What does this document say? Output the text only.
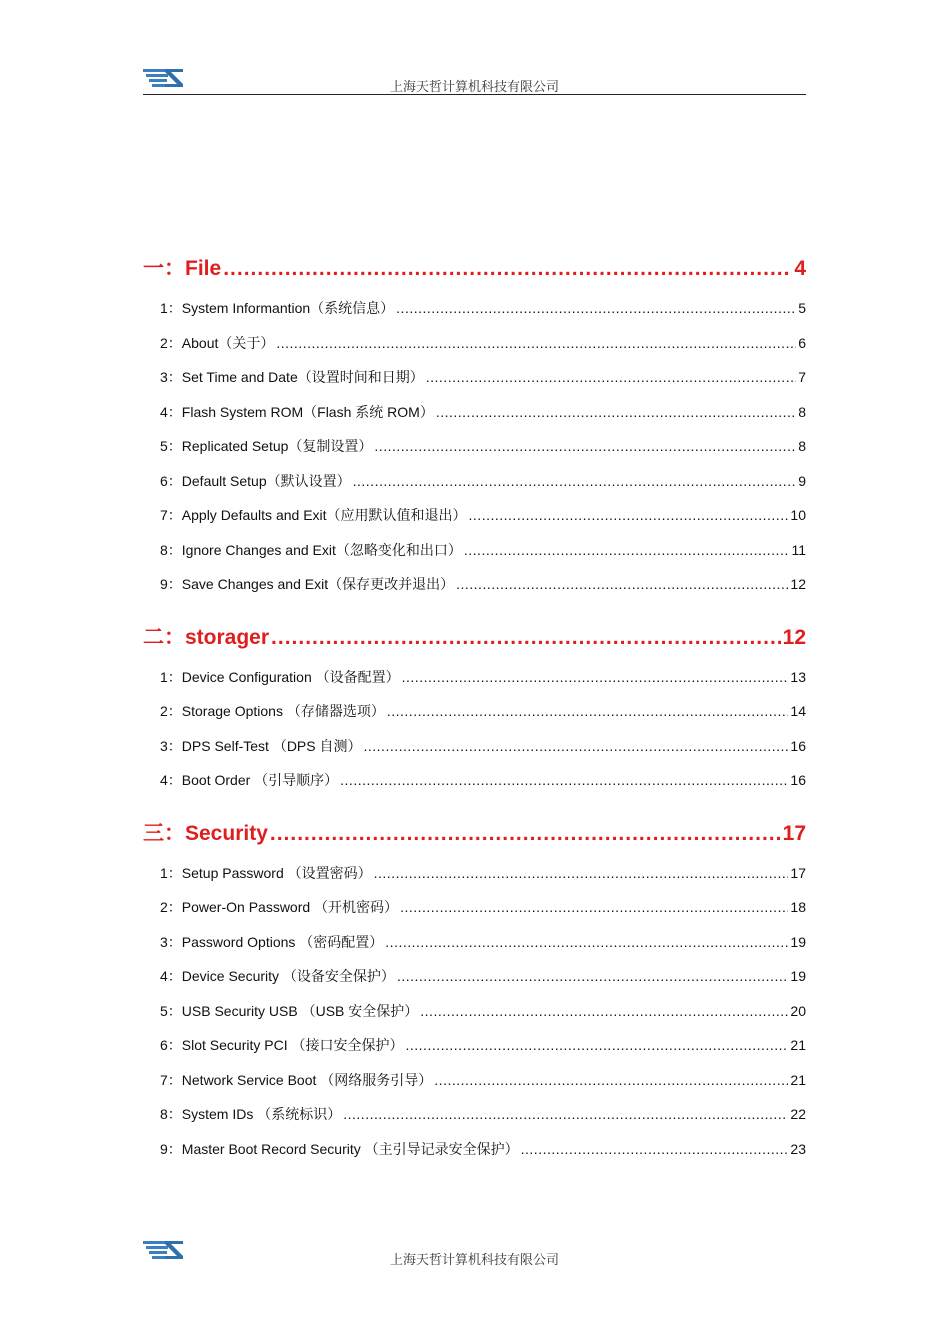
上海天哲计算机科技有限公司
一：File .....	4
1：System Informantion（系统信息） .....	5
2：About（关于） .....	6
3：Set Time and Date（设置时间和日期） .....	7
4：Flash System ROM（Flash 系统 ROM） .....	8
5：Replicated Setup（复制设置） .....	8
6：Default Setup（默认设置） .....	9
7：Apply Defaults and Exit（应用默认值和退出） .....	10
8：Ignore Changes and Exit（忽略变化和出口） .....	11
9：Save Changes and Exit（保存更改并退出） .....	12
二：storager .....	12
1：Device Configuration （设备配置） .....	13
2：Storage Options （存储器选项） .....	14
3：DPS Self-Test （DPS 自测） .....	16
4：Boot Order （引导顺序） .....	16
三：Security .....	17
1：Setup Password （设置密码） .....	17
2：Power-On Password （开机密码） .....	18
3：Password Options （密码配置） .....	19
4：Device Security （设备安全保护） .....	19
5：USB Security USB （USB 安全保护） .....	20
6：Slot Security PCI （接口安全保护） .....	21
7：Network Service Boot （网络服务引导） .....	21
8：System IDs （系统标识） .....	22
9：Master Boot Record Security （主引导记录安全保护） .....	23
上海天哲计算机科技有限公司
